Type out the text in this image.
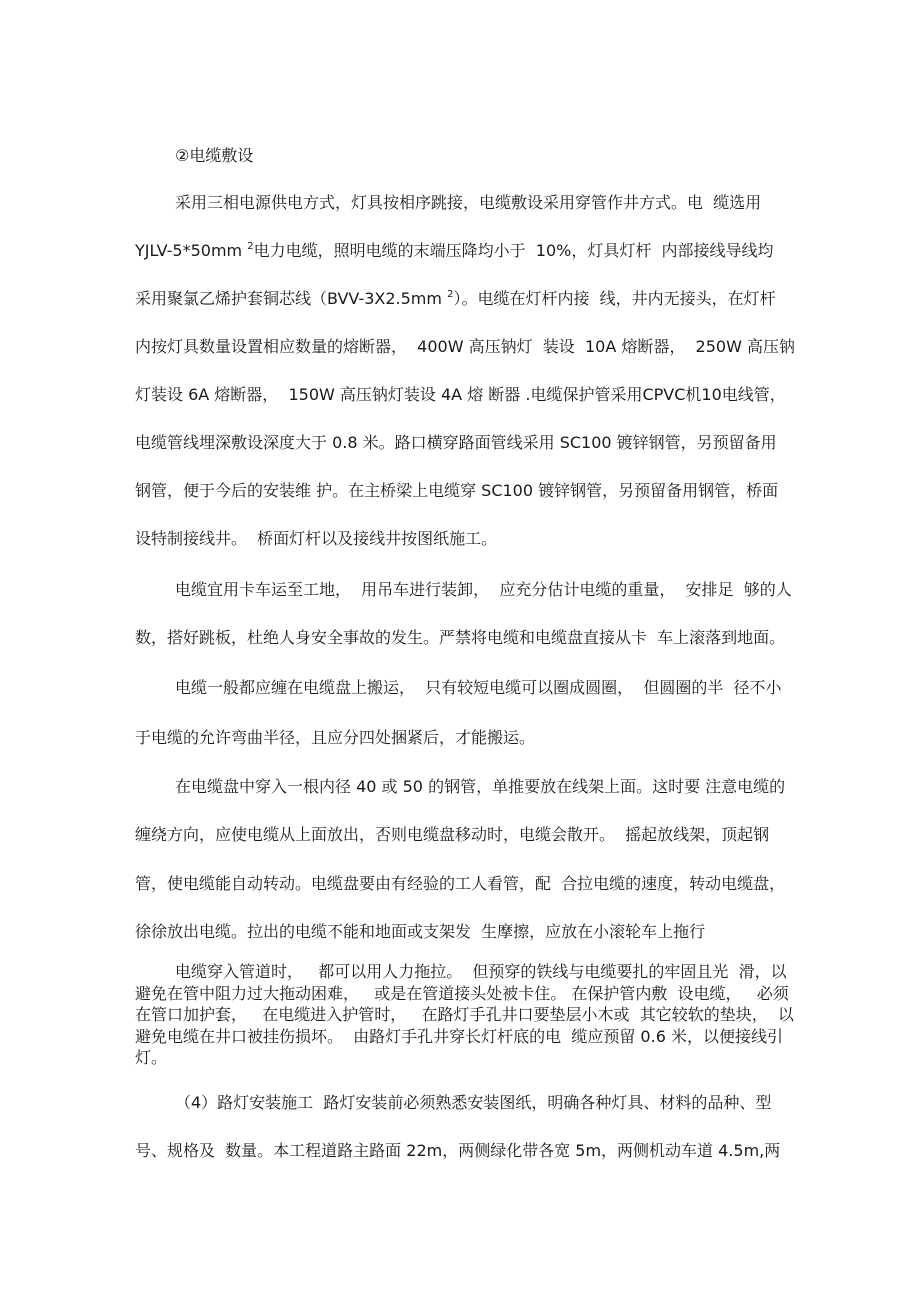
②电缆敷设
采用三相电源供电方式，灯具按相序跳接，电缆敷设采用穿管作井方式。电  缆选用
YJLV-5*50mm $^2$电力电缆，照明电缆的末端压降均小于  10%，灯具灯杆  内部接线导线均
采用聚氯乙烯护套铜芯线（BVV-3X2.5mm $^2$）。电缆在灯杆内接  线，井内无接头，在灯杆
内按灯具数量设置相应数量的熔断器，  400W 高压钠灯  装设  10A 熔断器，  250W 高压钠
灯装设 6A 熔断器，  150W 高压钠灯装设 4A 熔 断器 .电缆保护管采用CPVC机10电线管，
电缆管线埋深敷设深度大于 0.8 米。路口横穿路面管线采用 SC100 镀锌钢管，另预留备用
钢管，便于今后的安装维 护。在主桥梁上电缆穿 SC100 镀锌钢管，另预留备用钢管，桥面
设特制接线井。  桥面灯杆以及接线井按图纸施工。
电缆宜用卡车运至工地，  用吊车进行装卸，  应充分估计电缆的重量，  安排足  够的人
数，搭好跳板，杜绝人身安全事故的发生。严禁将电缆和电缆盘直接从卡  车上滚落到地面。
电缆一般都应缠在电缆盘上搬运，  只有较短电缆可以圈成圆圈，  但圆圈的半  径不小
于电缆的允许弯曲半径，且应分四处捆紧后，才能搬运。
在电缆盘中穿入一根内径 40 或 50 的钢管，单推要放在线架上面。这时要 注意电缆的
缠绕方向，应使电缆从上面放出，否则电缆盘移动时，电缆会散开。  摇起放线架，顶起钢
管，使电缆能自动转动。电缆盘要由有经验的工人看管，配  合拉电缆的速度，转动电缆盘，
徐徐放出电缆。拉出的电缆不能和地面或支架发  生摩擦，应放在小滚轮车上拖行
电缆穿入管道时，   都可以用人力拖拉。  但预穿的铁线与电缆要扎的牢固且光  滑，以
避免在管中阻力过大拖动困难，   或是在管道接头处被卡住。 在保护管内敷  设电缆，   必须
在管口加护套，   在电缆进入护管时，   在路灯手孔井口要垫层小木或  其它较软的垫块，  以
避免电缆在井口被挂伤损坏。  由路灯手孔井穿长灯杆底的电  缆应预留 0.6 米，以便接线引
灯。
（4）路灯安装施工  路灯安装前必须熟悉安装图纸，明确各种灯具、材料的品种、型
号、规格及  数量。本工程道路主路面 22m，两侧绿化带各宽 5m，两侧机动车道 4.5m,两
